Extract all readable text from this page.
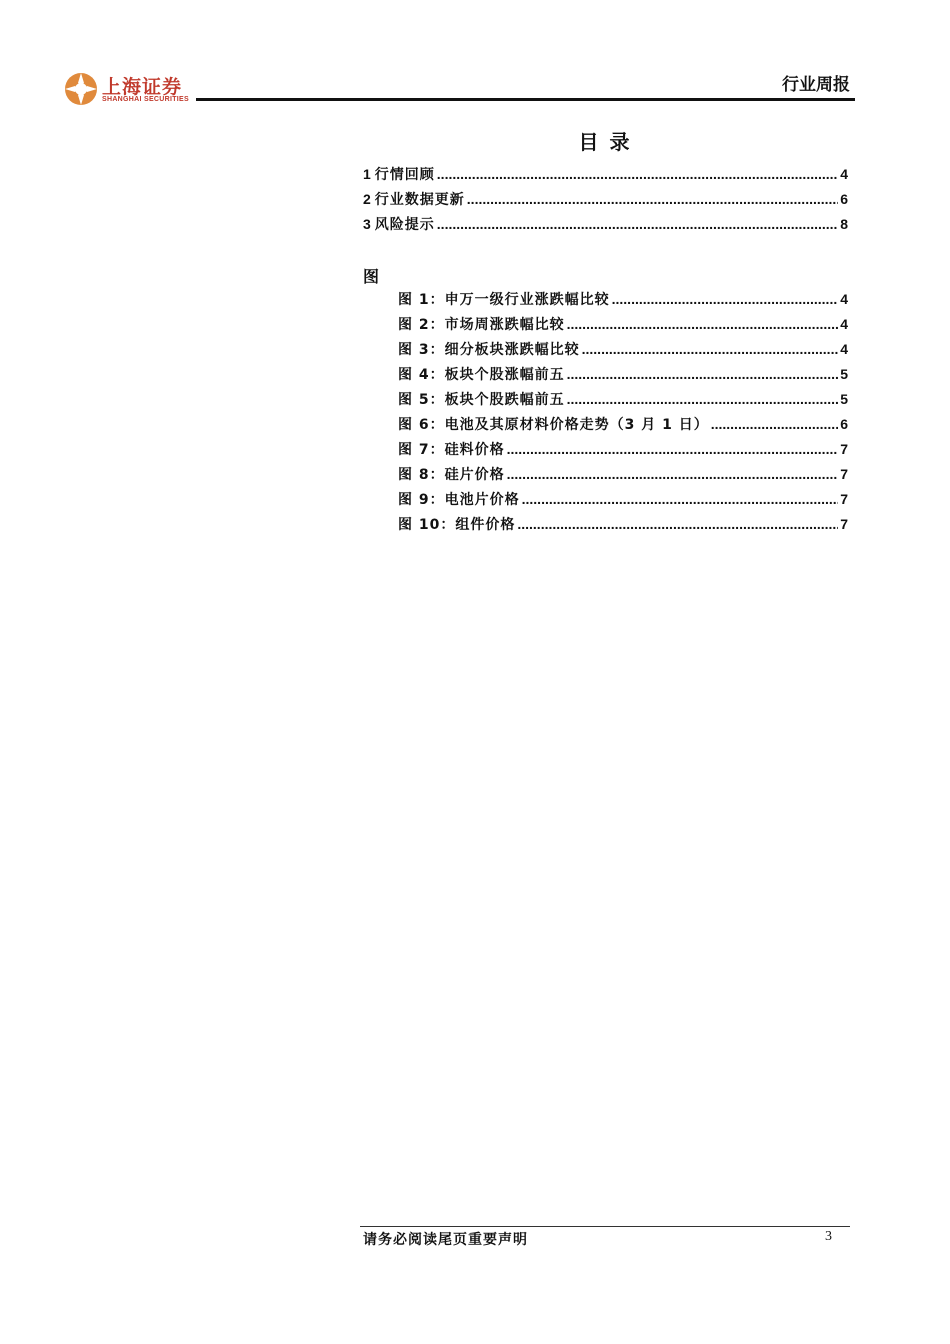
上海证券
SHANGHAI SECURITIES
行业周报
目 录
1 行情回顾 .....	4
2 行业数据更新 .....	6
3 风险提示 .....	8
图
图 1：申万一级行业涨跌幅比较 .....	4
图 2：市场周涨跌幅比较 .....	4
图 3：细分板块涨跌幅比较 .....	4
图 4：板块个股涨幅前五 .....	5
图 5：板块个股跌幅前五 .....	5
图 6：电池及其原材料价格走势（3 月 1 日） .....	6
图 7：硅料价格 .....	7
图 8：硅片价格 .....	7
图 9：电池片价格 .....	7
图 10：组件价格 .....	7
请务必阅读尾页重要声明	3
